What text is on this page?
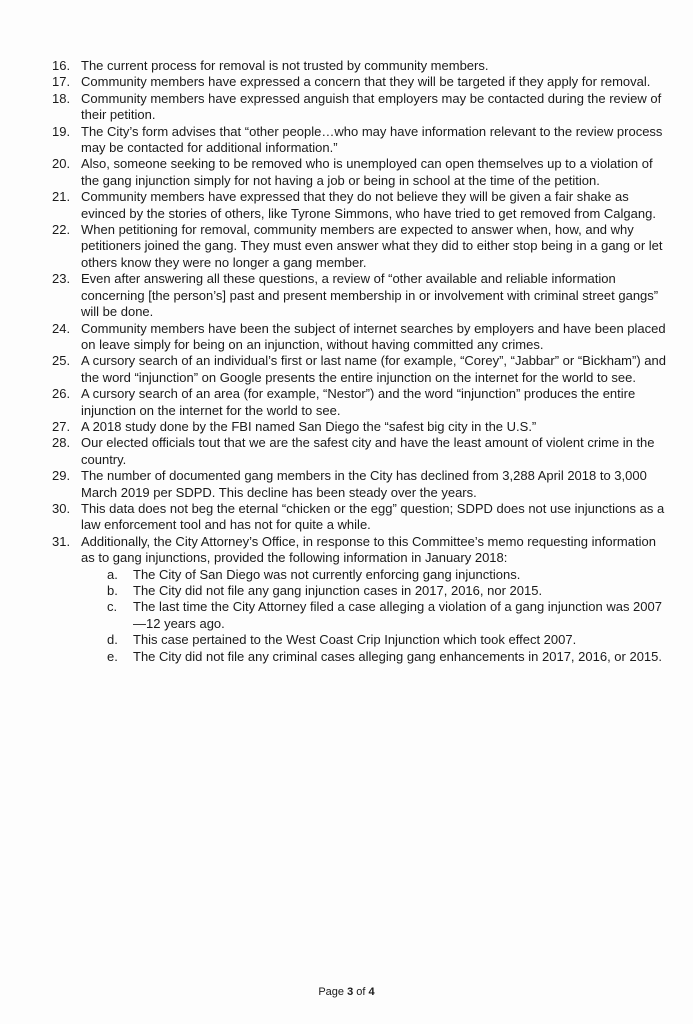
16. The current process for removal is not trusted by community members.
17. Community members have expressed a concern that they will be targeted if they apply for removal.
18. Community members have expressed anguish that employers may be contacted during the review of their petition.
19. The City’s form advises that “other people…who may have information relevant to the review process may be contacted for additional information.”
20. Also, someone seeking to be removed who is unemployed can open themselves up to a violation of the gang injunction simply for not having a job or being in school at the time of the petition.
21. Community members have expressed that they do not believe they will be given a fair shake as evinced by the stories of others, like Tyrone Simmons, who have tried to get removed from Calgang.
22. When petitioning for removal, community members are expected to answer when, how, and why petitioners joined the gang. They must even answer what they did to either stop being in a gang or let others know they were no longer a gang member.
23. Even after answering all these questions, a review of “other available and reliable information concerning [the person’s] past and present membership in or involvement with criminal street gangs” will be done.
24. Community members have been the subject of internet searches by employers and have been placed on leave simply for being on an injunction, without having committed any crimes.
25. A cursory search of an individual’s first or last name (for example, “Corey”, “Jabbar” or “Bickham”) and the word “injunction” on Google presents the entire injunction on the internet for the world to see.
26. A cursory search of an area (for example, “Nestor”) and the word “injunction” produces the entire injunction on the internet for the world to see.
27. A 2018 study done by the FBI named San Diego the “safest big city in the U.S.”
28. Our elected officials tout that we are the safest city and have the least amount of violent crime in the country.
29. The number of documented gang members in the City has declined from 3,288 April 2018 to 3,000 March 2019 per SDPD. This decline has been steady over the years.
30. This data does not beg the eternal “chicken or the egg” question; SDPD does not use injunctions as a law enforcement tool and has not for quite a while.
31. Additionally, the City Attorney’s Office, in response to this Committee’s memo requesting information as to gang injunctions, provided the following information in January 2018:
a. The City of San Diego was not currently enforcing gang injunctions.
b. The City did not file any gang injunction cases in 2017, 2016, nor 2015.
c. The last time the City Attorney filed a case alleging a violation of a gang injunction was 2007—12 years ago.
d. This case pertained to the West Coast Crip Injunction which took effect 2007.
e. The City did not file any criminal cases alleging gang enhancements in 2017, 2016, or 2015.
Page 3 of 4
